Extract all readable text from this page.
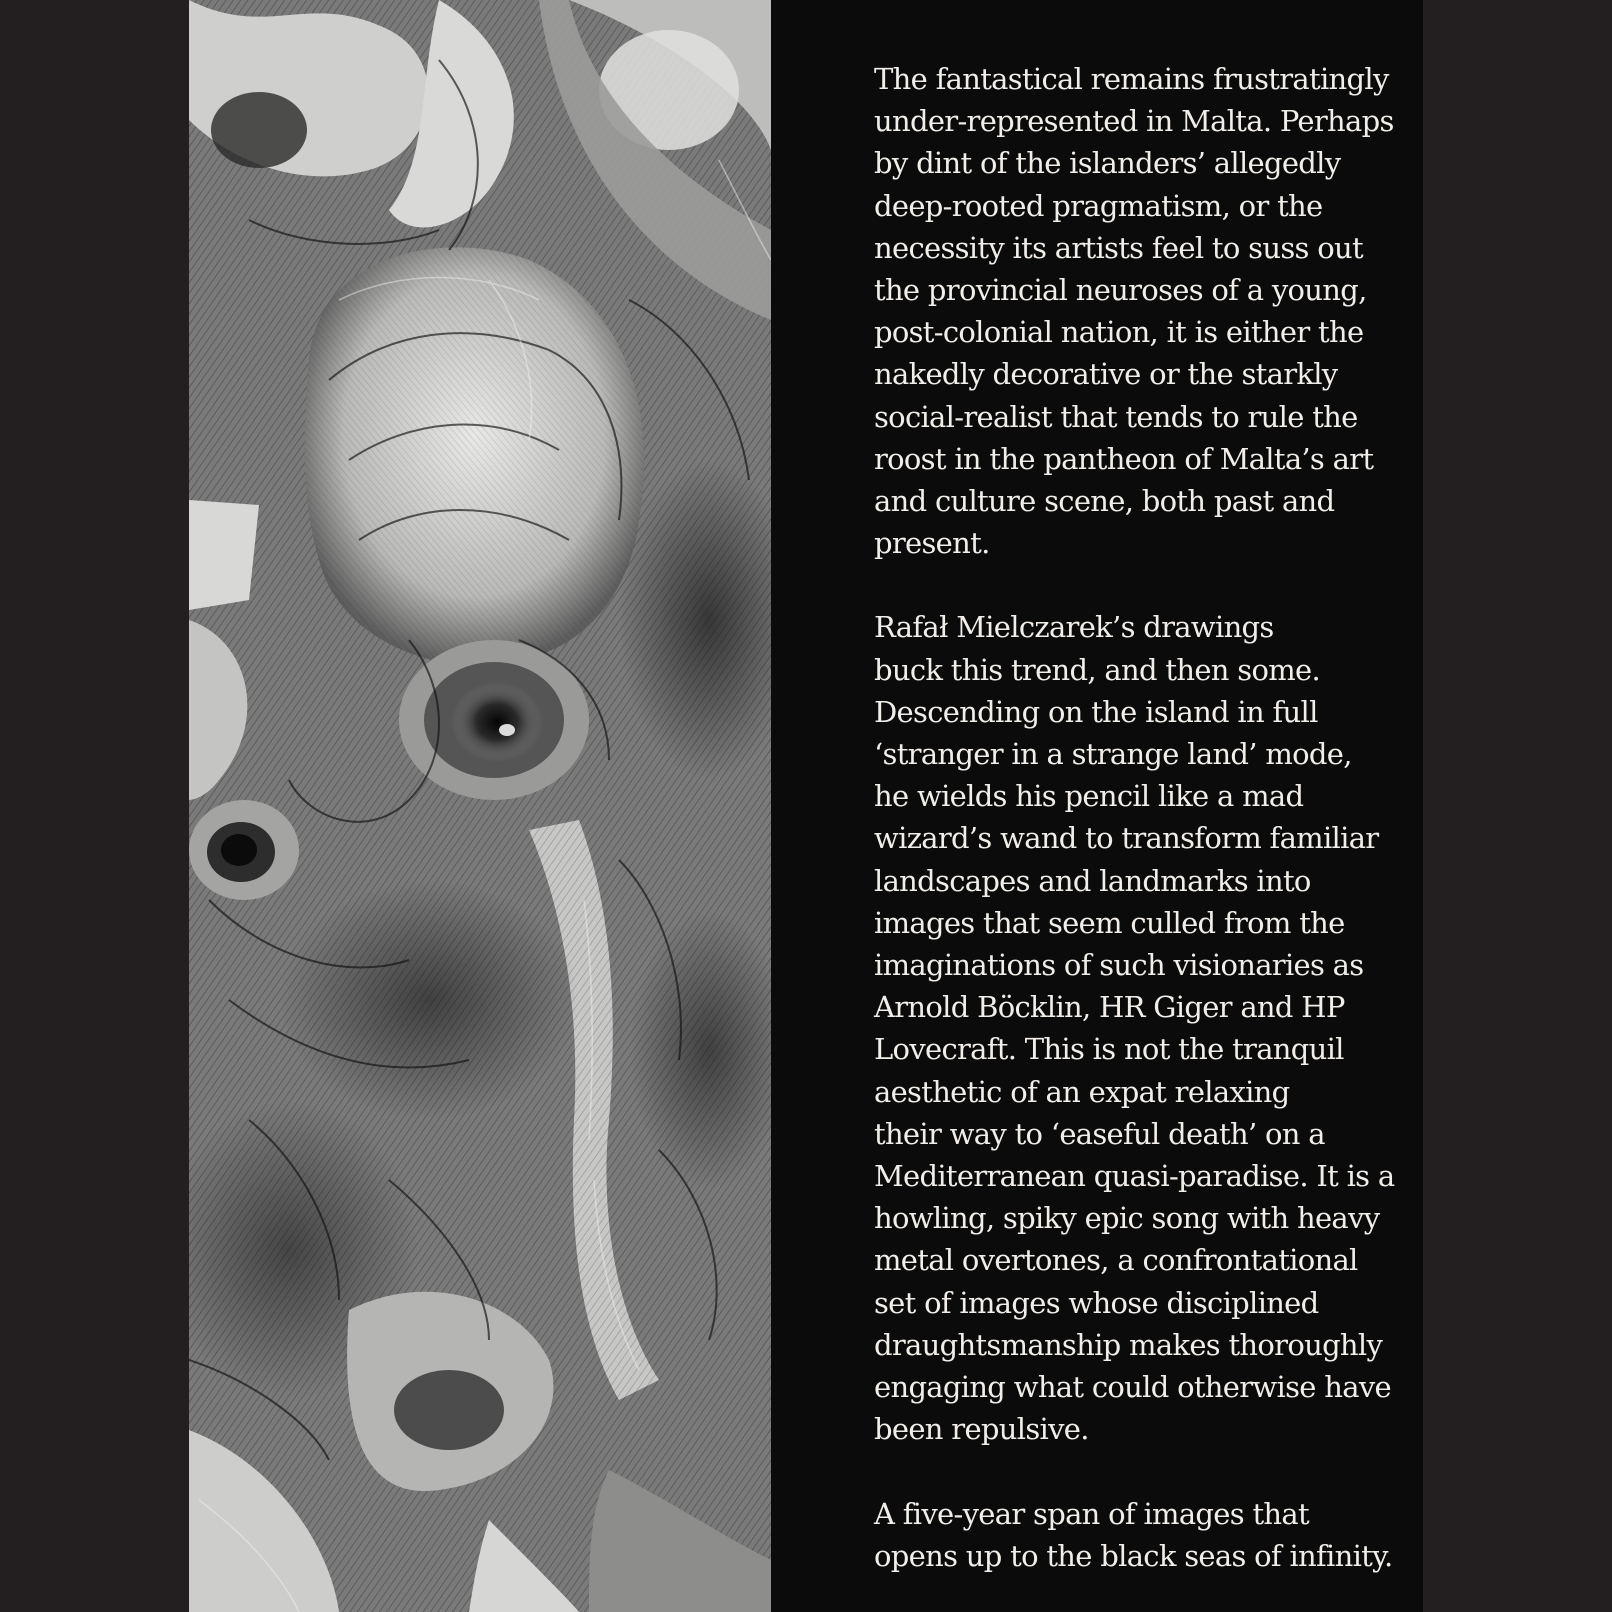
The fantastical remains frustratingly
under-represented in Malta. Perhaps
by dint of the islanders’ allegedly
deep-rooted pragmatism, or the
necessity its artists feel to suss out
the provincial neuroses of a young,
post-colonial nation, it is either the
nakedly decorative or the starkly
social-realist that tends to rule the
roost in the pantheon of Malta’s art
and culture scene, both past and
present.

Rafał Mielczarek’s drawings
buck this trend, and then some.
Descending on the island in full
‘stranger in a strange land’ mode,
he wields his pencil like a mad
wizard’s wand to transform familiar
landscapes and landmarks into
images that seem culled from the
imaginations of such visionaries as
Arnold Böcklin, HR Giger and HP
Lovecraft. This is not the tranquil
aesthetic of an expat relaxing
their way to ‘easeful death’ on a
Mediterranean quasi-paradise. It is a
howling, spiky epic song with heavy
metal overtones, a confrontational
set of images whose disciplined
draughtsmanship makes thoroughly
engaging what could otherwise have
been repulsive.

A five-year span of images that
opens up to the black seas of infinity.
